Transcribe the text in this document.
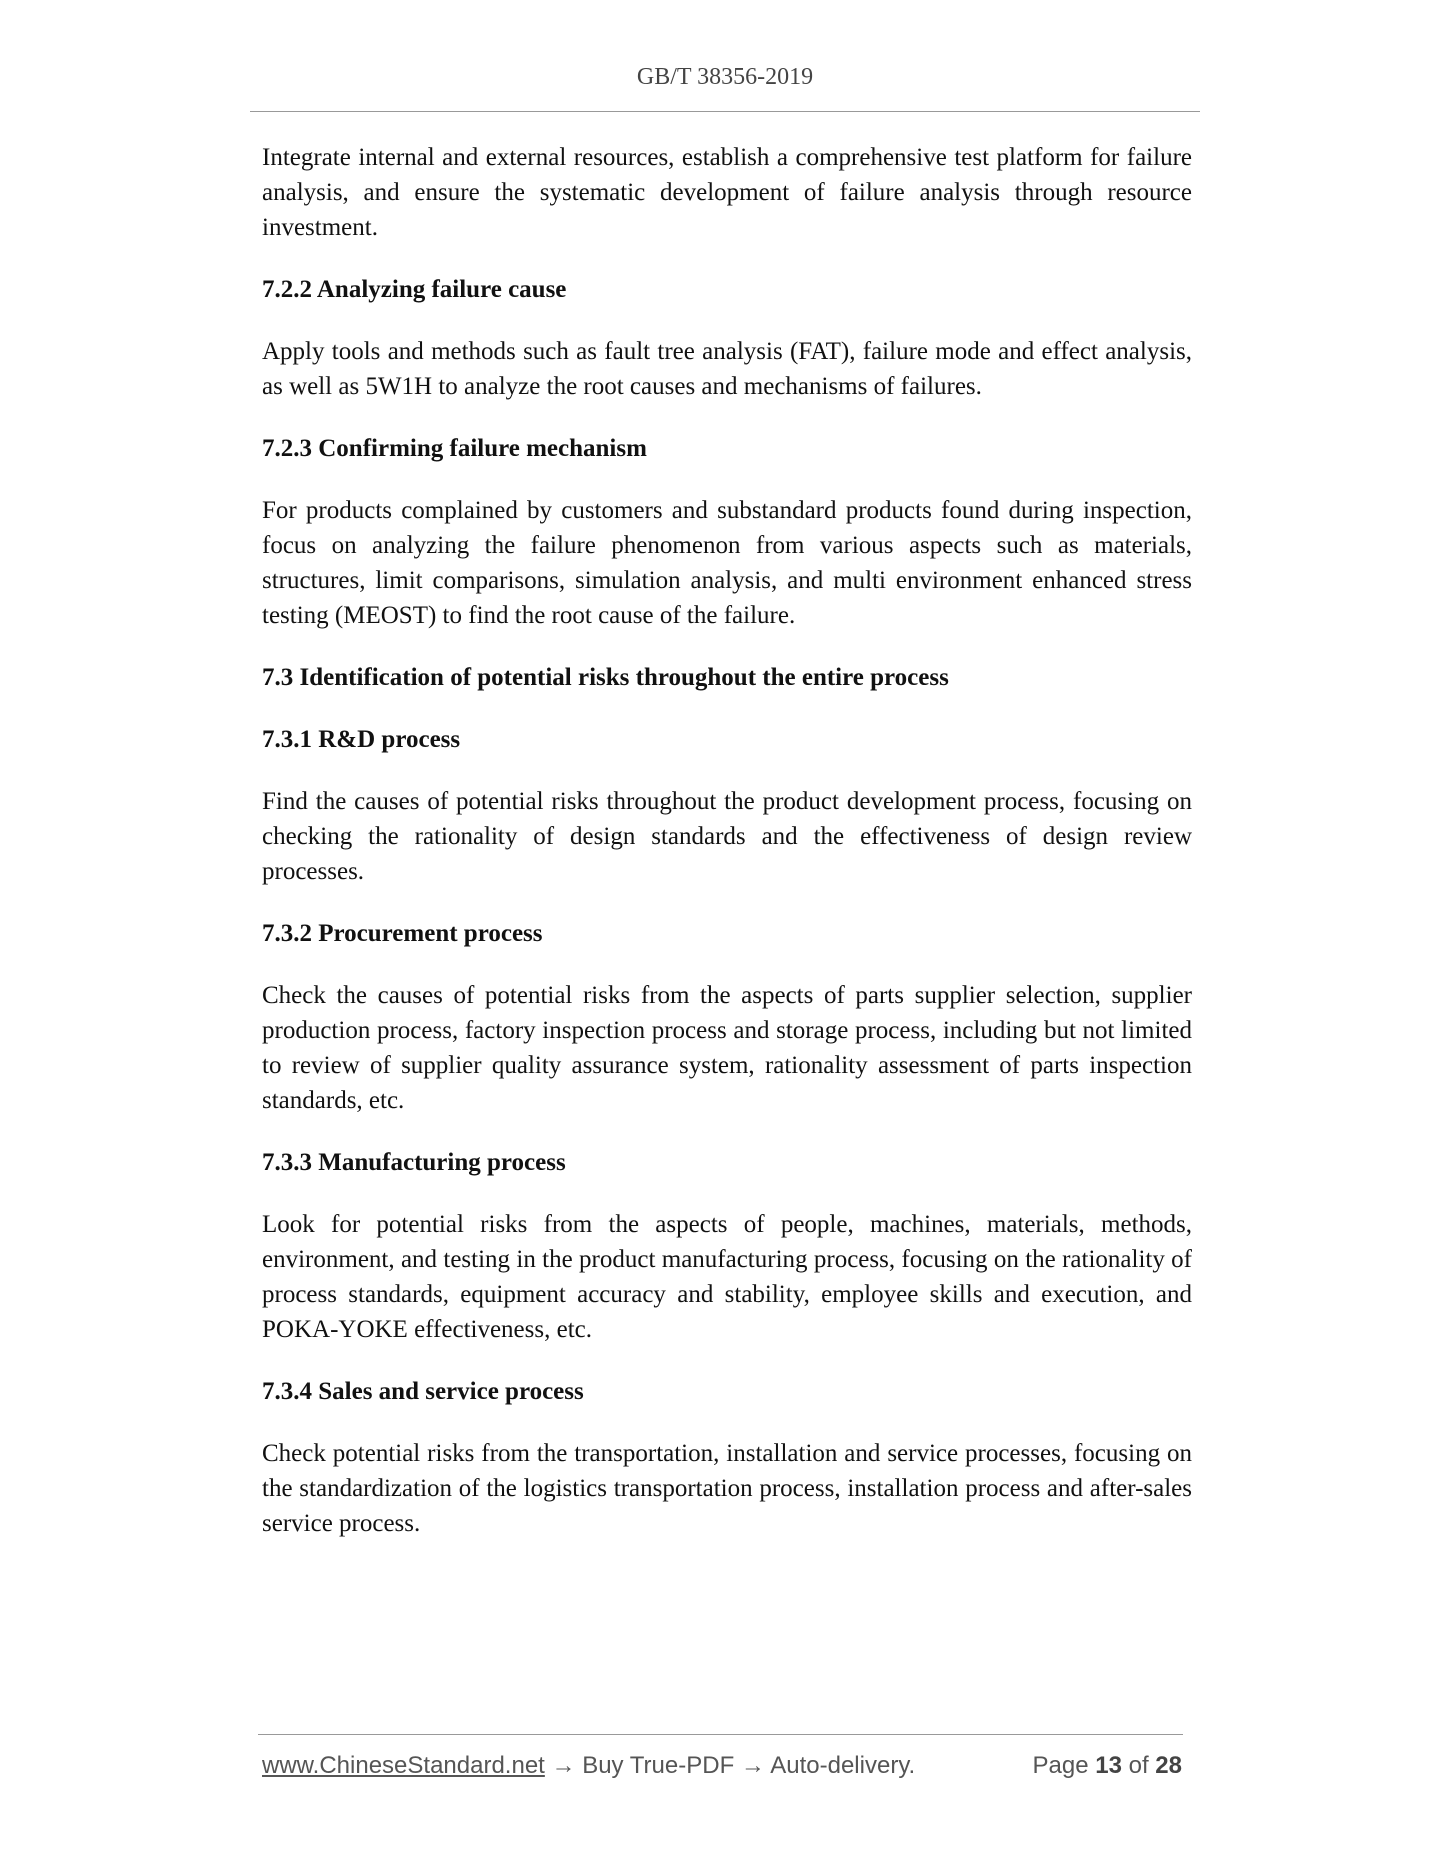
GB/T 38356-2019

Integrate internal and external resources, establish a comprehensive test platform for failure analysis, and ensure the systematic development of failure analysis through resource investment.

7.2.2 Analyzing failure cause

Apply tools and methods such as fault tree analysis (FAT), failure mode and effect analysis, as well as 5W1H to analyze the root causes and mechanisms of failures.

7.2.3 Confirming failure mechanism

For products complained by customers and substandard products found during inspection, focus on analyzing the failure phenomenon from various aspects such as materials, structures, limit comparisons, simulation analysis, and multi environment enhanced stress testing (MEOST) to find the root cause of the failure.

7.3 Identification of potential risks throughout the entire process
7.3.1 R&D process

Find the causes of potential risks throughout the product development process, focusing on checking the rationality of design standards and the effectiveness of design review processes.

7.3.2 Procurement process

Check the causes of potential risks from the aspects of parts supplier selection, supplier production process, factory inspection process and storage process, including but not limited to review of supplier quality assurance system, rationality assessment of parts inspection standards, etc.

7.3.3 Manufacturing process

Look for potential risks from the aspects of people, machines, materials, methods, environment, and testing in the product manufacturing process, focusing on the rationality of process standards, equipment accuracy and stability, employee skills and execution, and POKA-YOKE effectiveness, etc.

7.3.4 Sales and service process

Check potential risks from the transportation, installation and service processes, focusing on the standardization of the logistics transportation process, installation process and after-sales service process.

www.ChineseStandard.net → Buy True-PDF → Auto-delivery.	Page 13 of 28
